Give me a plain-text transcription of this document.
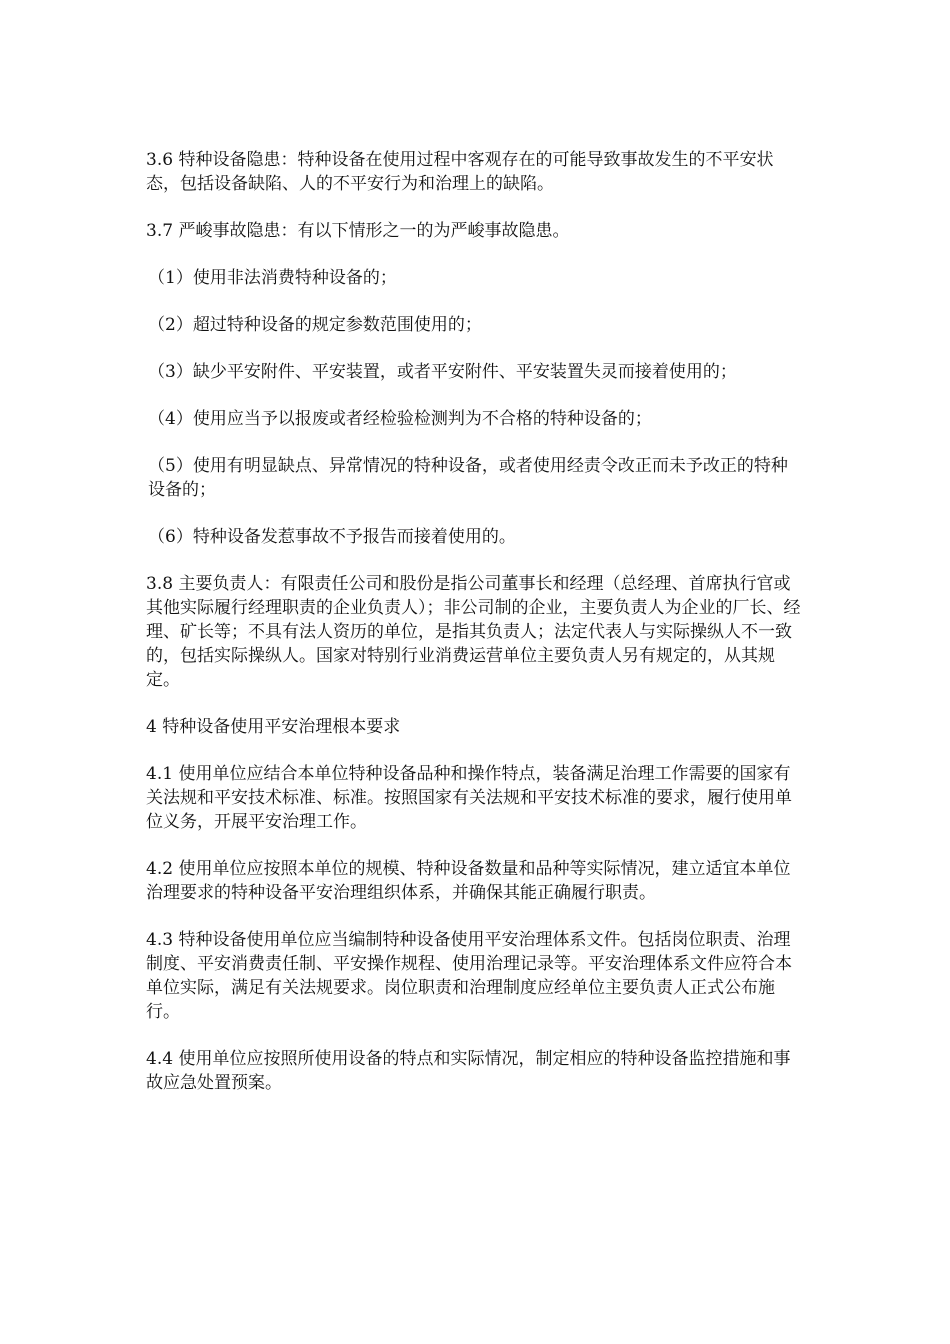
3.6 特种设备隐患：特种设备在使用过程中客观存在的可能导致事故发生的不平安状态，包括设备缺陷、人的不平安行为和治理上的缺陷。

3.7 严峻事故隐患：有以下情形之一的为严峻事故隐患。

（1）使用非法消费特种设备的；

（2）超过特种设备的规定参数范围使用的；

（3）缺少平安附件、平安装置，或者平安附件、平安装置失灵而接着使用的；

（4）使用应当予以报废或者经检验检测判为不合格的特种设备的；

（5）使用有明显缺点、异常情况的特种设备，或者使用经责令改正而未予改正的特种设备的；

（6）特种设备发惹事故不予报告而接着使用的。

3.8 主要负责人：有限责任公司和股份是指公司董事长和经理（总经理、首席执行官或其他实际履行经理职责的企业负责人）；非公司制的企业，主要负责人为企业的厂长、经理、矿长等；不具有法人资历的单位，是指其负责人；法定代表人与实际操纵人不一致的，包括实际操纵人。国家对特别行业消费运营单位主要负责人另有规定的，从其规定。

4 特种设备使用平安治理根本要求

4.1 使用单位应结合本单位特种设备品种和操作特点，装备满足治理工作需要的国家有关法规和平安技术标准、标准。按照国家有关法规和平安技术标准的要求，履行使用单位义务，开展平安治理工作。

4.2 使用单位应按照本单位的规模、特种设备数量和品种等实际情况，建立适宜本单位治理要求的特种设备平安治理组织体系，并确保其能正确履行职责。

4.3 特种设备使用单位应当编制特种设备使用平安治理体系文件。包括岗位职责、治理制度、平安消费责任制、平安操作规程、使用治理记录等。平安治理体系文件应符合本单位实际，满足有关法规要求。岗位职责和治理制度应经单位主要负责人正式公布施行。

4.4 使用单位应按照所使用设备的特点和实际情况，制定相应的特种设备监控措施和事故应急处置预案。
